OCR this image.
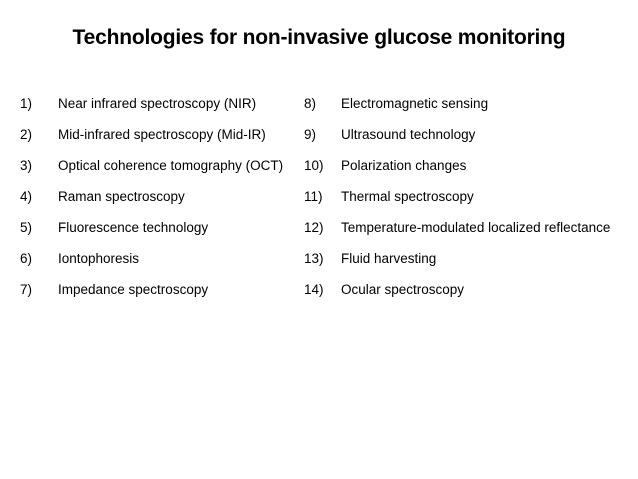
Technologies for non-invasive glucose monitoring
1) Near infrared spectroscopy (NIR)
2) Mid-infrared spectroscopy (Mid-IR)
3) Optical coherence tomography (OCT)
4) Raman spectroscopy
5) Fluorescence technology
6) Iontophoresis
7) Impedance spectroscopy
8) Electromagnetic sensing
9) Ultrasound technology
10) Polarization changes
11) Thermal spectroscopy
12) Temperature-modulated localized reflectance
13) Fluid harvesting
14) Ocular spectroscopy
